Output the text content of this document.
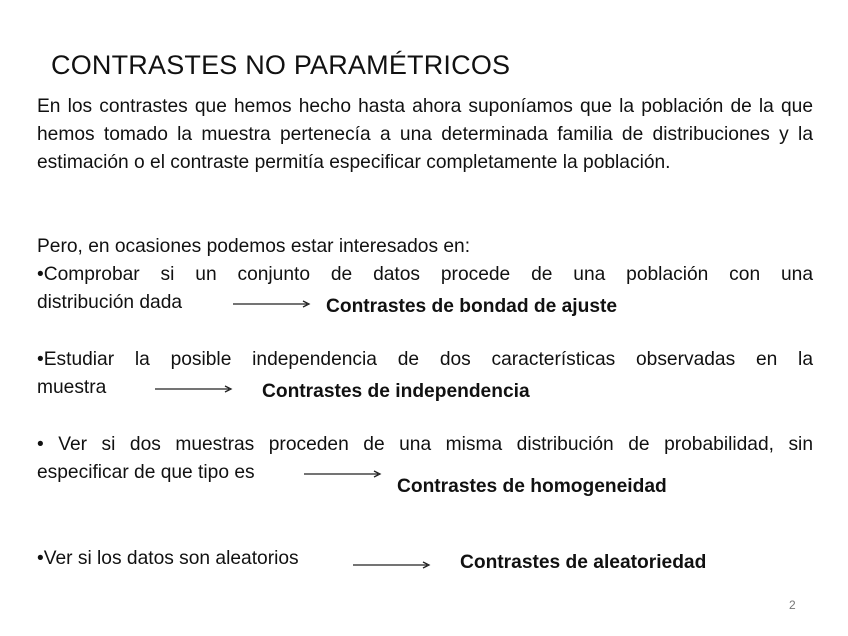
CONTRASTES NO PARAMÉTRICOS
En los contrastes que hemos hecho hasta ahora suponíamos que la población de la que hemos tomado la muestra pertenecía a una determinada familia de distribuciones y la estimación o el contraste permitía especificar completamente la población.
Pero, en ocasiones podemos estar interesados en:
•Comprobar si un conjunto de datos procede de una población con una
distribución dada	Contrastes de bondad de ajuste
•Estudiar la posible independencia de dos características observadas en la
muestra	Contrastes de independencia
• Ver si dos muestras proceden de una misma distribución de probabilidad, sin
especificar de que tipo es
Contrastes de homogeneidad
•Ver si los datos son aleatorios	Contrastes de aleatoriedad
2
